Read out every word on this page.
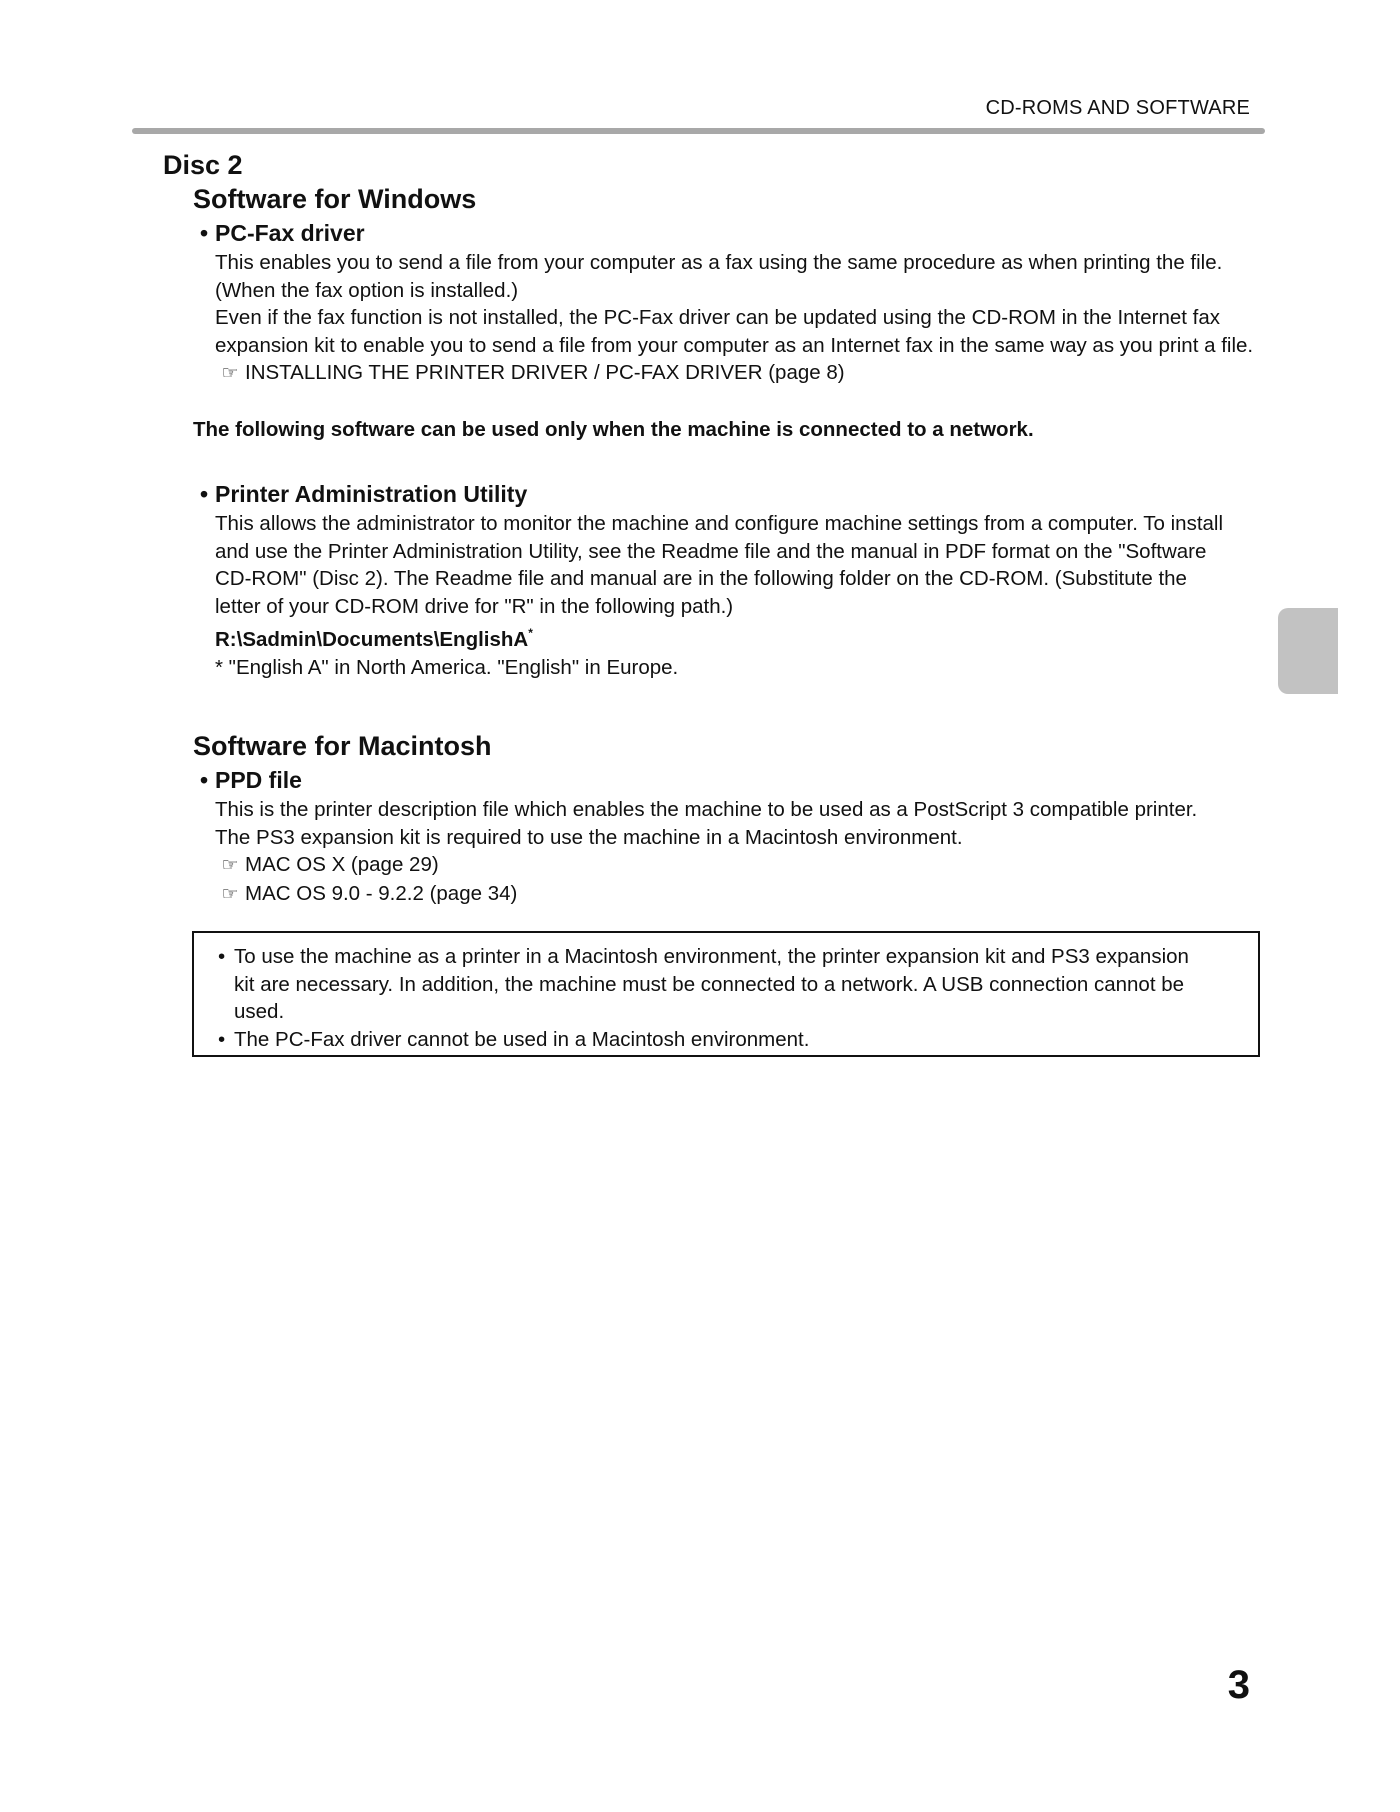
CD-ROMS AND SOFTWARE
Disc 2
Software for Windows
• PC-Fax driver

This enables you to send a file from your computer as a fax using the same procedure as when printing the file.

(When the fax option is installed.)

Even if the fax function is not installed, the PC-Fax driver can be updated using the CD-ROM in the Internet fax

expansion kit to enable you to send a file from your computer as an Internet fax in the same way as you print a file.

☞ INSTALLING THE PRINTER DRIVER / PC-FAX DRIVER (page 8)

The following software can be used only when the machine is connected to a network.
• Printer Administration Utility

This allows the administrator to monitor the machine and configure machine settings from a computer. To install

and use the Printer Administration Utility, see the Readme file and the manual in PDF format on the "Software

CD-ROM" (Disc 2). The Readme file and manual are in the following folder on the CD-ROM. (Substitute the

letter of your CD-ROM drive for "R" in the following path.)

R:\Sadmin\Documents\EnglishA*

* "English A" in North America. "English" in Europe.

Software for Macintosh
• PPD file

This is the printer description file which enables the machine to be used as a PostScript 3 compatible printer.

The PS3 expansion kit is required to use the machine in a Macintosh environment.

☞ MAC OS X (page 29)

☞ MAC OS 9.0 - 9.2.2 (page 34)

• To use the machine as a printer in a Macintosh environment, the printer expansion kit and PS3 expansion
kit are necessary. In addition, the machine must be connected to a network. A USB connection cannot be
used.
• The PC-Fax driver cannot be used in a Macintosh environment.
3
